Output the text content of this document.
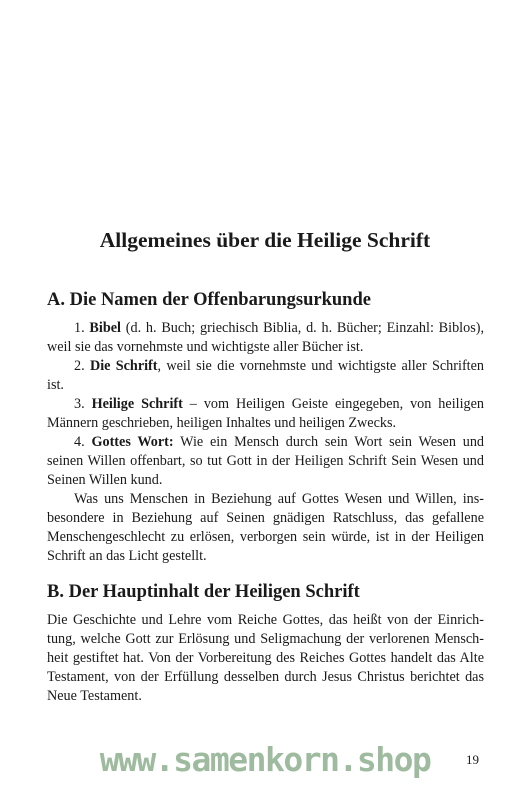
Allgemeines über die Heilige Schrift
A. Die Namen der Offenbarungsurkunde

1. Bibel (d. h. Buch; griechisch Biblia, d. h. Bücher; Einzahl: Biblos), weil sie das vornehmste und wichtigste aller Bücher ist.

2. Die Schrift, weil sie die vornehmste und wichtigste aller Schriften ist.

3. Heilige Schrift – vom Heiligen Geiste eingegeben, von heiligen Männern geschrieben, heiligen Inhaltes und heiligen Zwecks.

4. Gottes Wort: Wie ein Mensch durch sein Wort sein Wesen und seinen Willen offenbart, so tut Gott in der Heiligen Schrift Sein Wesen und Seinen Willen kund.

Was uns Menschen in Beziehung auf Gottes Wesen und Willen, insbesondere in Beziehung auf Seinen gnädigen Ratschluss, das gefallene Menschengeschlecht zu erlösen, verborgen sein würde, ist in der Heiligen Schrift an das Licht gestellt.

B. Der Hauptinhalt der Heiligen Schrift

Die Geschichte und Lehre vom Reiche Gottes, das heißt von der Einrichtung, welche Gott zur Erlösung und Seligmachung der verlorenen Menschheit gestiftet hat. Von der Vorbereitung des Reiches Gottes handelt das Alte Testament, von der Erfüllung desselben durch Jesus Christus berichtet das Neue Testament.

www.samenkorn.shop	19
